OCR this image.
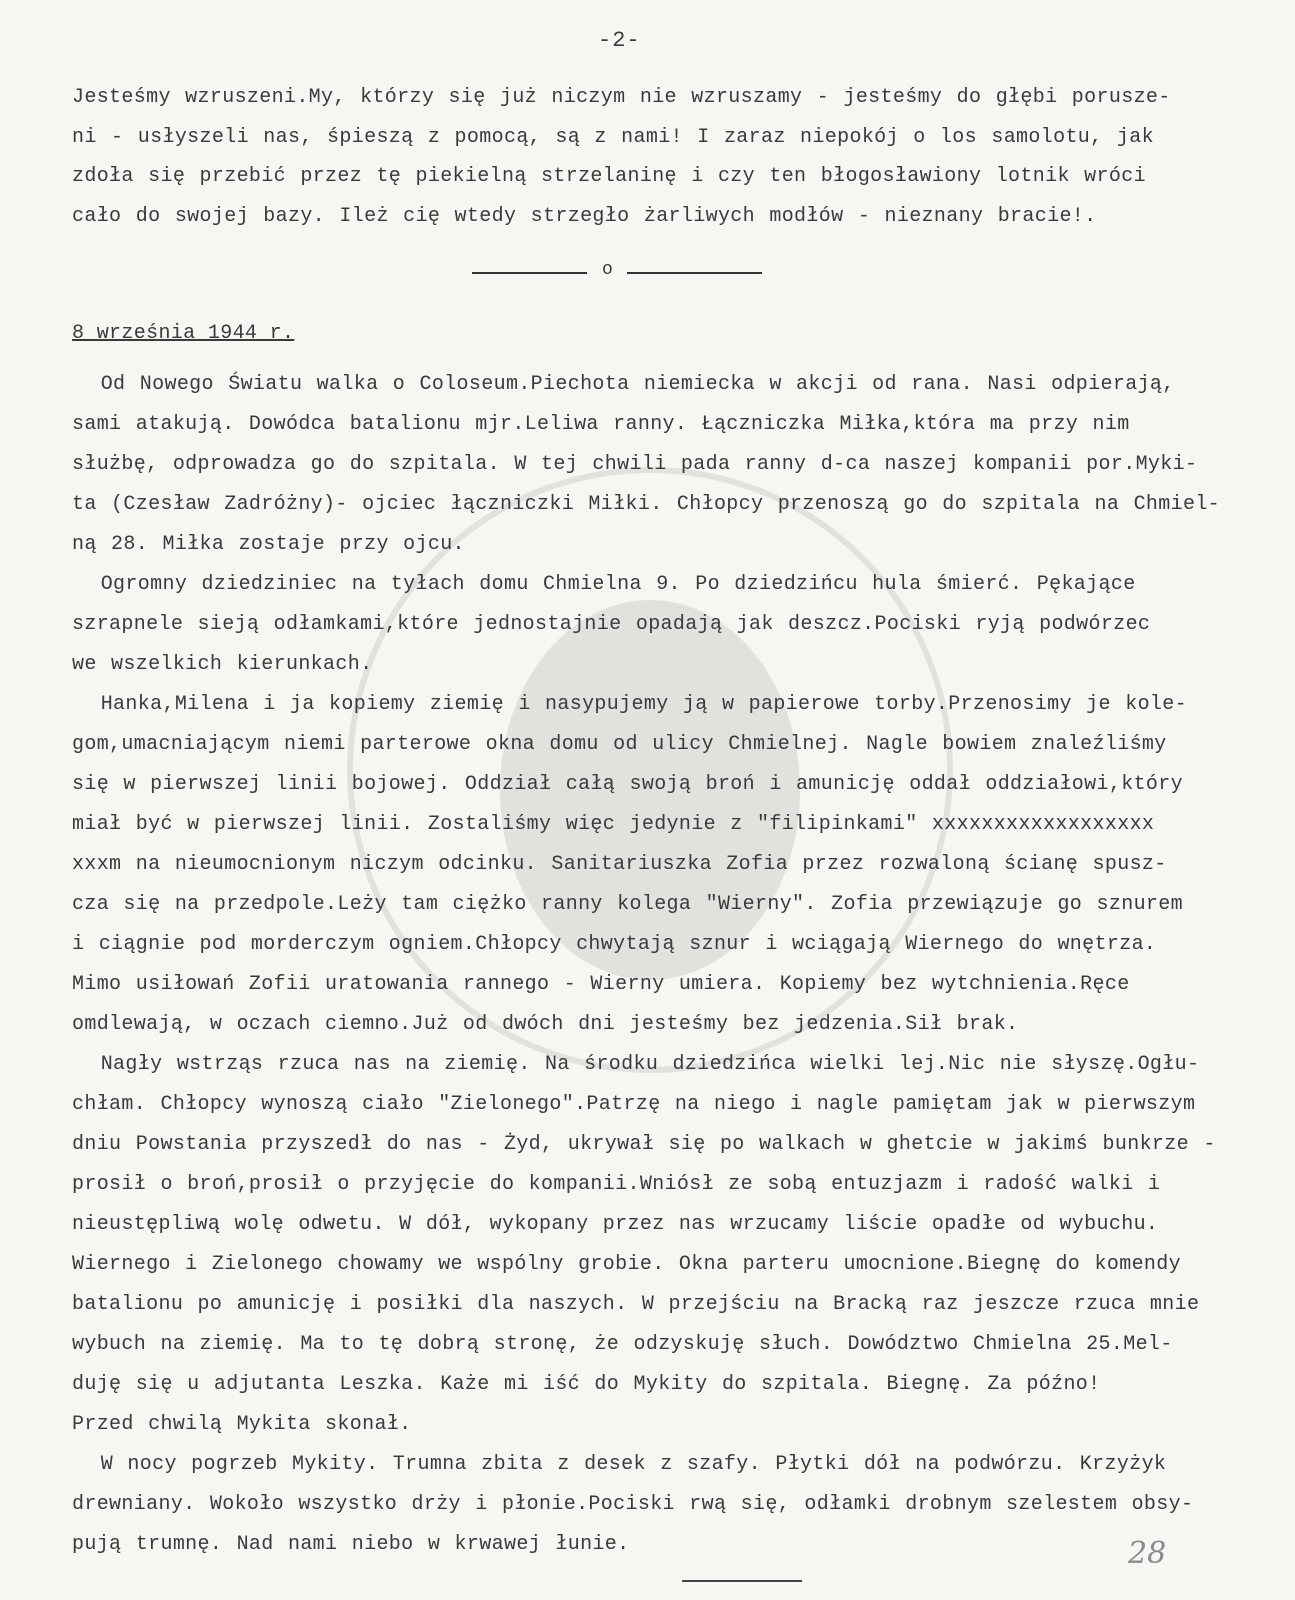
-2-
Jesteśmy wzruszeni.My, którzy się już niczym nie wzruszamy - jesteśmy do głębi porusze-
ni - usłyszeli nas, śpieszą z pomocą, są z nami! I zaraz niepokój o los samolotu, jak
zdoła się przebić przez tę piekielną strzelaninę i czy ten błogosławiony lotnik wróci
cało do swojej bazy. Ileż cię wtedy strzegło żarliwych modłów - nieznany bracie!.
o
8 września 1944 r.
Od Nowego Światu walka o Coloseum.Piechota niemiecka w akcji od rana. Nasi odpierają,
sami atakują. Dowódca batalionu mjr.Leliwa ranny. Łączniczka Miłka,która ma przy nim
służbę, odprowadza go do szpitala. W tej chwili pada ranny d-ca naszej kompanii por.Myki-
ta (Czesław Zadróżny)- ojciec łączniczki Miłki. Chłopcy przenoszą go do szpitala na Chmiel-
ną 28. Miłka zostaje przy ojcu.
Ogromny dziedziniec na tyłach domu Chmielna 9. Po dziedzińcu hula śmierć. Pękające
szrapnele sieją odłamkami,które jednostajnie opadają jak deszcz.Pociski ryją podwórzec
we wszelkich kierunkach.
Hanka,Milena i ja kopiemy ziemię i nasypujemy ją w papierowe torby.Przenosimy je kole-
gom,umacniającym niemi parterowe okna domu od ulicy Chmielnej. Nagle bowiem znaleźliśmy
się w pierwszej linii bojowej. Oddział całą swoją broń i amunicję oddał oddziałowi,który
miał być w pierwszej linii. Zostaliśmy więc jedynie z "filipinkami" xxxxxxxxxxxxxxxxxx
xxxm na nieumocnionym niczym odcinku. Sanitariuszka Zofia przez rozwaloną ścianę spusz-
cza się na przedpole.Leży tam ciężko ranny kolega "Wierny". Zofia przewiązuje go sznurem
i ciągnie pod morderczym ogniem.Chłopcy chwytają sznur i wciągają Wiernego do wnętrza.
Mimo usiłowań Zofii uratowania rannego - Wierny umiera. Kopiemy bez wytchnienia.Ręce
omdlewają, w oczach ciemno.Już od dwóch dni jesteśmy bez jedzenia.Sił brak.
Nagły wstrząs rzuca nas na ziemię. Na środku dziedzińca wielki lej.Nic nie słyszę.Ogłu-
chłam. Chłopcy wynoszą ciało "Zielonego".Patrzę na niego i nagle pamiętam jak w pierwszym
dniu Powstania przyszedł do nas - Żyd, ukrywał się po walkach w ghetcie w jakimś bunkrze -
prosił o broń,prosił o przyjęcie do kompanii.Wniósł ze sobą entuzjazm i radość walki i
nieustępliwą wolę odwetu. W dół, wykopany przez nas wrzucamy liście opadłe od wybuchu.
Wiernego i Zielonego chowamy we wspólny grobie. Okna parteru umocnione.Biegnę do komendy
batalionu po amunicję i posiłki dla naszych. W przejściu na Bracką raz jeszcze rzuca mnie
wybuch na ziemię. Ma to tę dobrą stronę, że odzyskuję słuch. Dowództwo Chmielna 25.Mel-
duję się u adjutanta Leszka. Każe mi iść do Mykity do szpitala. Biegnę. Za późno!
Przed chwilą Mykita skonał.
W nocy pogrzeb Mykity. Trumna zbita z desek z szafy. Płytki dół na podwórzu. Krzyżyk
drewniany. Wokoło wszystko drży i płonie.Pociski rwą się, odłamki drobnym szelestem obsy-
pują trumnę. Nad nami niebo w krwawej łunie.	28
